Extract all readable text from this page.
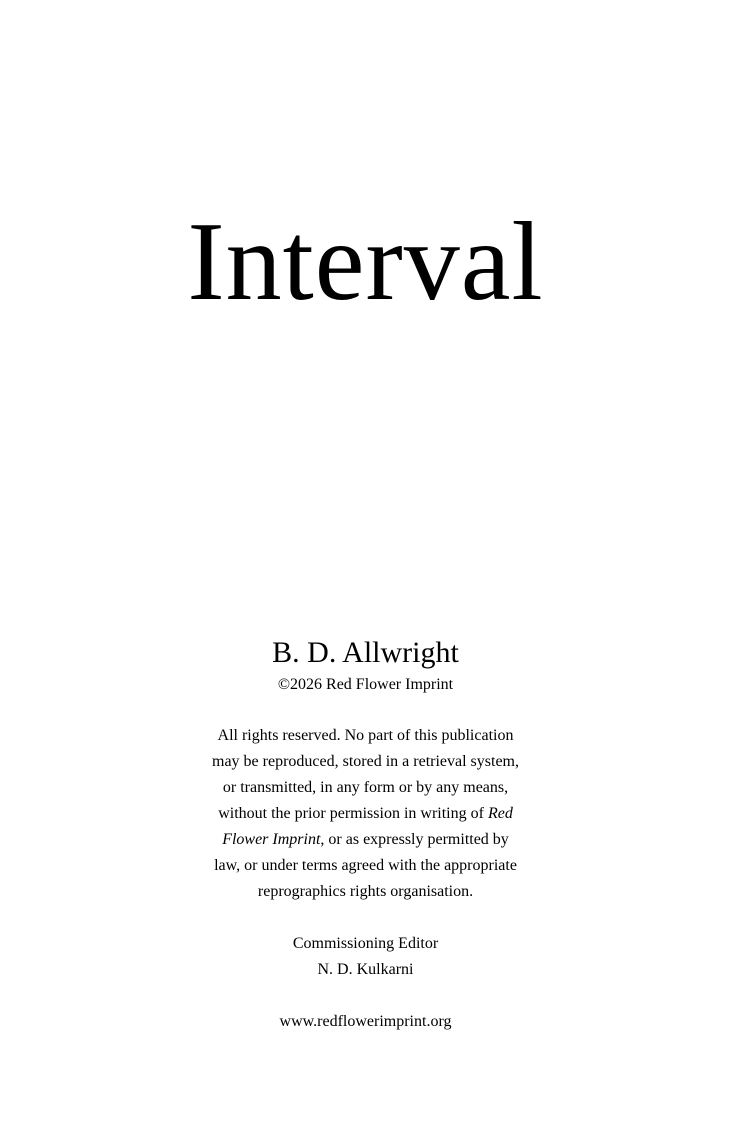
Interval

B. D. Allwright

©2026 Red Flower Imprint

All rights reserved. No part of this publication
may be reproduced, stored in a retrieval system,
or transmitted, in any form or by any means,
without the prior permission in writing of Red
Flower Imprint, or as expressly permitted by
law, or under terms agreed with the appropriate
reprographics rights organisation.

Commissioning Editor
N. D. Kulkarni

www.redflowerimprint.org
